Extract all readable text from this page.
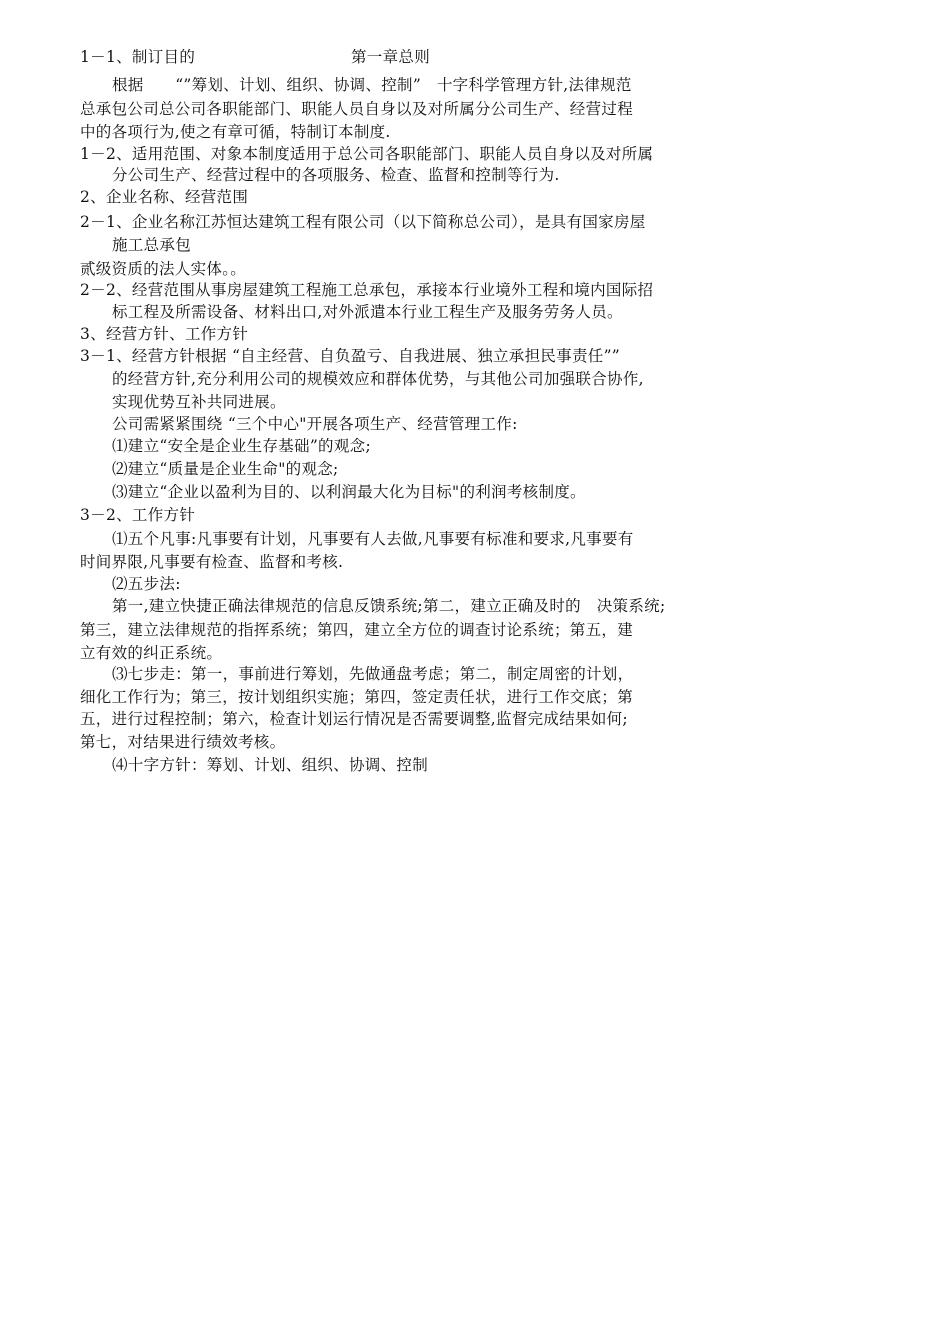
1－1、制订目的	第一章总则
根据　　“”筹划、计划、组织、协调、控制”　十字科学管理方针,法律规范
总承包公司总公司各职能部门、职能人员自身以及对所属分公司生产、经营过程
中的各项行为,使之有章可循，特制订本制度.
1－2、适用范围、对象本制度适用于总公司各职能部门、职能人员自身以及对所属
分公司生产、经营过程中的各项服务、检查、监督和控制等行为.
2、企业名称、经营范围
2－1、企业名称江苏恒达建筑工程有限公司（以下简称总公司），是具有国家房屋
施工总承包
贰级资质的法人实体。。
2－2、经营范围从事房屋建筑工程施工总承包，承接本行业境外工程和境内国际招
标工程及所需设备、材料出口,对外派遣本行业工程生产及服务劳务人员。
3、经营方针、工作方针
3－1、经营方针根据 “自主经营、自负盈亏、自我进展、独立承担民事责任””
的经营方针,充分利用公司的规模效应和群体优势，与其他公司加强联合协作,
实现优势互补共同进展。
公司需紧紧围绕 “三个中心"开展各项生产、经营管理工作:
⑴建立“安全是企业生存基础”的观念;
⑵建立“质量是企业生命"的观念;
⑶建立“企业以盈利为目的、以利润最大化为目标"的利润考核制度。
3－2、工作方针
⑴五个凡事:凡事要有计划，凡事要有人去做,凡事要有标准和要求,凡事要有
时间界限,凡事要有检查、监督和考核.
⑵五步法:
第一,建立快捷正确法律规范的信息反馈系统;第二，建立正确及时的　决策系统;
第三，建立法律规范的指挥系统；第四，建立全方位的调查讨论系统；第五，建
立有效的纠正系统。
⑶七步走：第一，事前进行筹划，先做通盘考虑；第二，制定周密的计划，
细化工作行为；第三，按计划组织实施；第四，签定责任状，进行工作交底；第
五，进行过程控制；第六，检查计划运行情况是否需要调整,监督完成结果如何;
第七，对结果进行绩效考核。
⑷十字方针：筹划、计划、组织、协调、控制
